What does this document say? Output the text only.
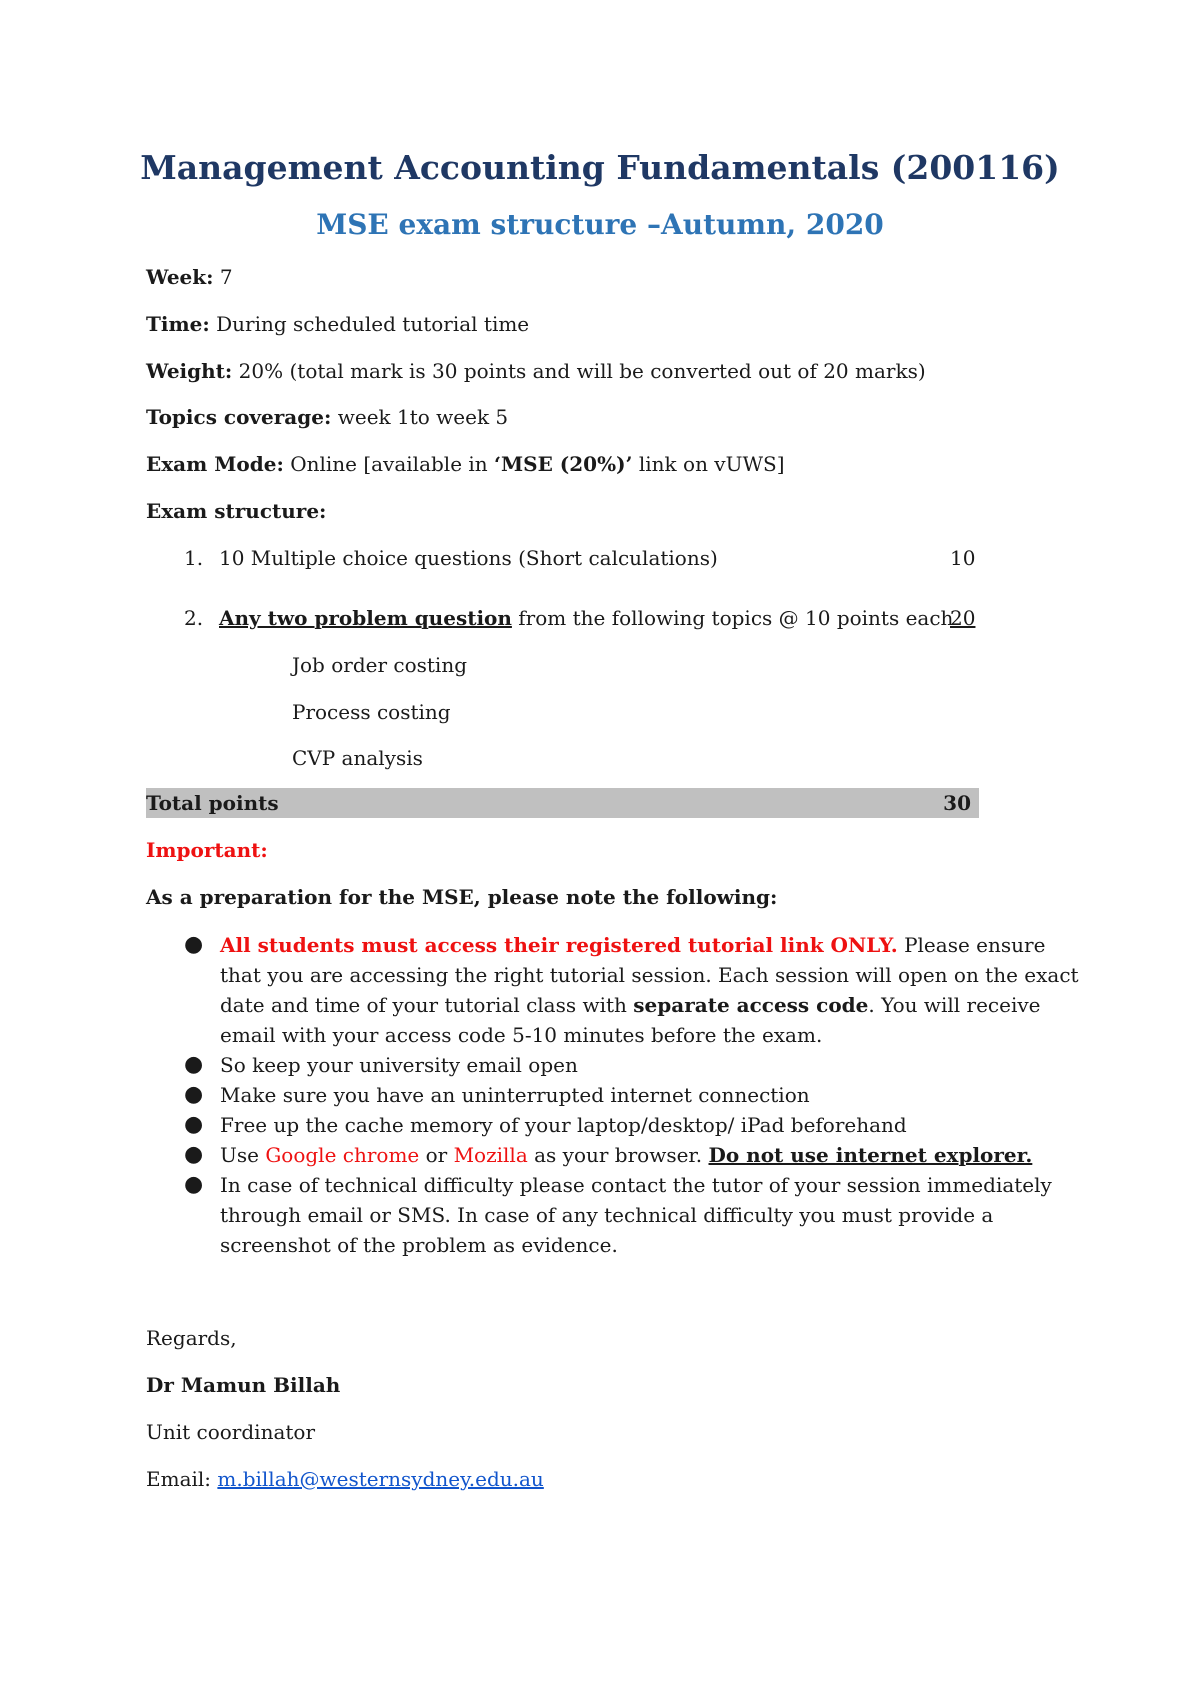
Management Accounting Fundamentals (200116)
MSE exam structure –Autumn, 2020
Week: 7
Time: During scheduled tutorial time
Weight: 20% (total mark is 30 points and will be converted out of 20 marks)
Topics coverage: week 1to week 5
Exam Mode: Online [available in ‘MSE (20%)’ link on vUWS]
Exam structure:
1. 10 Multiple choice questions (Short calculations)	10
2. Any two problem question from the following topics @ 10 points each
20
Job order costing
Process costing
CVP analysis
Total points	30
Important:
As a preparation for the MSE, please note the following:
● All students must access their registered tutorial link ONLY. Please ensure that you are accessing the right tutorial session. Each session will open on the exact date and time of your tutorial class with separate access code. You will receive email with your access code 5-10 minutes before the exam.
● So keep your university email open
● Make sure you have an uninterrupted internet connection
● Free up the cache memory of your laptop/desktop/ iPad beforehand
● Use Google chrome or Mozilla as your browser. Do not use internet explorer.
● In case of technical difficulty please contact the tutor of your session immediately through email or SMS. In case of any technical difficulty you must provide a screenshot of the problem as evidence.
Regards,
Dr Mamun Billah
Unit coordinator
Email: m.billah@westernsydney.edu.au
